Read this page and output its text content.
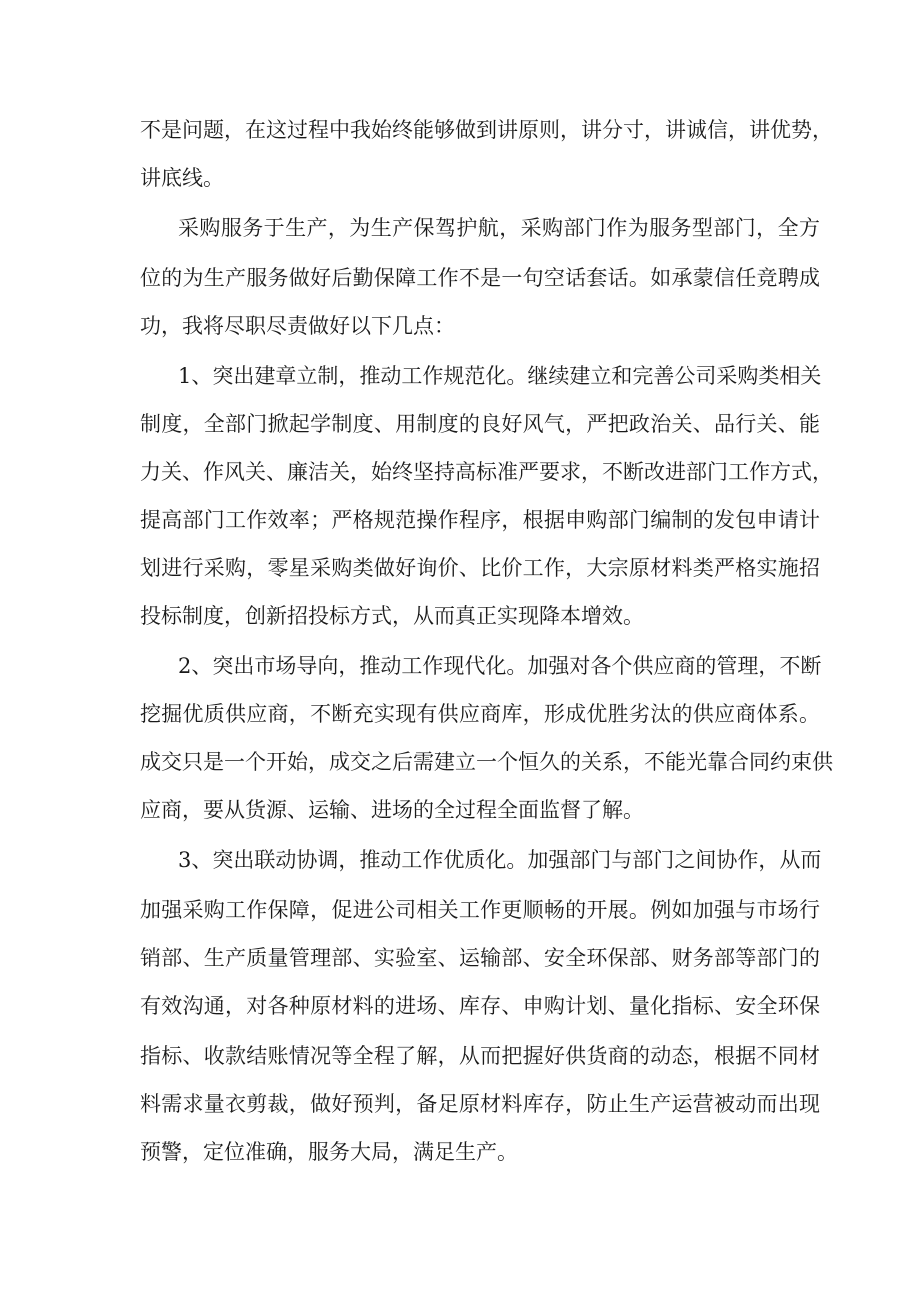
不是问题，在这过程中我始终能够做到讲原则，讲分寸，讲诚信，讲优势，
讲底线。
采购服务于生产，为生产保驾护航，采购部门作为服务型部门，全方
位的为生产服务做好后勤保障工作不是一句空话套话。如承蒙信任竞聘成
功，我将尽职尽责做好以下几点：
1、突出建章立制，推动工作规范化。继续建立和完善公司采购类相关
制度，全部门掀起学制度、用制度的良好风气，严把政治关、品行关、能
力关、作风关、廉洁关，始终坚持高标准严要求，不断改进部门工作方式，
提高部门工作效率；严格规范操作程序，根据申购部门编制的发包申请计
划进行采购，零星采购类做好询价、比价工作，大宗原材料类严格实施招
投标制度，创新招投标方式，从而真正实现降本增效。
2、突出市场导向，推动工作现代化。加强对各个供应商的管理，不断
挖掘优质供应商，不断充实现有供应商库，形成优胜劣汰的供应商体系。
成交只是一个开始，成交之后需建立一个恒久的关系，不能光靠合同约束供
应商，要从货源、运输、进场的全过程全面监督了解。
3、突出联动协调，推动工作优质化。加强部门与部门之间协作，从而
加强采购工作保障，促进公司相关工作更顺畅的开展。例如加强与市场行
销部、生产质量管理部、实验室、运输部、安全环保部、财务部等部门的
有效沟通，对各种原材料的进场、库存、申购计划、量化指标、安全环保
指标、收款结账情况等全程了解，从而把握好供货商的动态，根据不同材
料需求量衣剪裁，做好预判，备足原材料库存，防止生产运营被动而出现
预警，定位准确，服务大局，满足生产。
